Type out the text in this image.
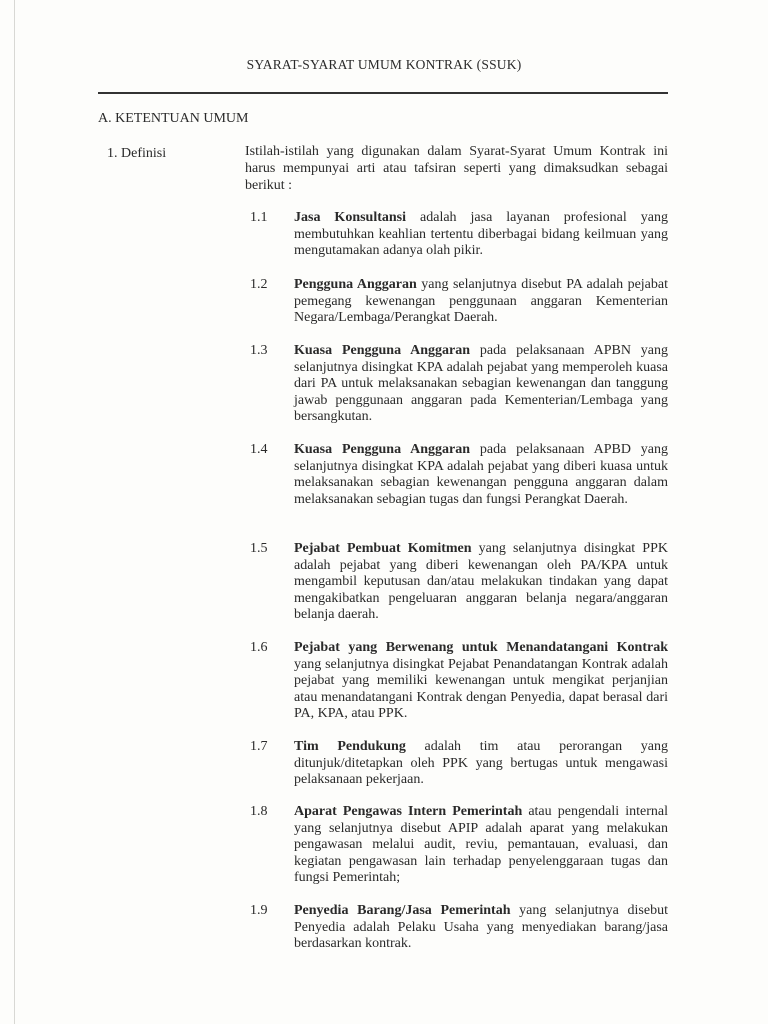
SYARAT-SYARAT UMUM KONTRAK (SSUK)
A. KETENTUAN UMUM
1. Definisi	Istilah-istilah yang digunakan dalam Syarat-Syarat Umum Kontrak ini harus mempunyai arti atau tafsiran seperti yang dimaksudkan sebagai berikut :
1.1 Jasa Konsultansi adalah jasa layanan profesional yang membutuhkan keahlian tertentu diberbagai bidang keilmuan yang mengutamakan adanya olah pikir.
1.2 Pengguna Anggaran yang selanjutnya disebut PA adalah pejabat pemegang kewenangan penggunaan anggaran Kementerian Negara/Lembaga/Perangkat Daerah.
1.3 Kuasa Pengguna Anggaran pada pelaksanaan APBN yang selanjutnya disingkat KPA adalah pejabat yang memperoleh kuasa dari PA untuk melaksanakan sebagian kewenangan dan tanggung jawab penggunaan anggaran pada Kementerian/Lembaga yang bersangkutan.
1.4 Kuasa Pengguna Anggaran pada pelaksanaan APBD yang selanjutnya disingkat KPA adalah pejabat yang diberi kuasa untuk melaksanakan sebagian kewenangan pengguna anggaran dalam melaksanakan sebagian tugas dan fungsi Perangkat Daerah.
1.5 Pejabat Pembuat Komitmen yang selanjutnya disingkat PPK adalah pejabat yang diberi kewenangan oleh PA/KPA untuk mengambil keputusan dan/atau melakukan tindakan yang dapat mengakibatkan pengeluaran anggaran belanja negara/anggaran belanja daerah.
1.6 Pejabat yang Berwenang untuk Menandatangani Kontrak yang selanjutnya disingkat Pejabat Penandatangan Kontrak adalah pejabat yang memiliki kewenangan untuk mengikat perjanjian atau menandatangani Kontrak dengan Penyedia, dapat berasal dari PA, KPA, atau PPK.
1.7 Tim Pendukung adalah tim atau perorangan yang ditunjuk/ditetapkan oleh PPK yang bertugas untuk mengawasi pelaksanaan pekerjaan.
1.8 Aparat Pengawas Intern Pemerintah atau pengendali internal yang selanjutnya disebut APIP adalah aparat yang melakukan pengawasan melalui audit, reviu, pemantauan, evaluasi, dan kegiatan pengawasan lain terhadap penyelenggaraan tugas dan fungsi Pemerintah;
1.9 Penyedia Barang/Jasa Pemerintah yang selanjutnya disebut Penyedia adalah Pelaku Usaha yang menyediakan barang/jasa berdasarkan kontrak.
